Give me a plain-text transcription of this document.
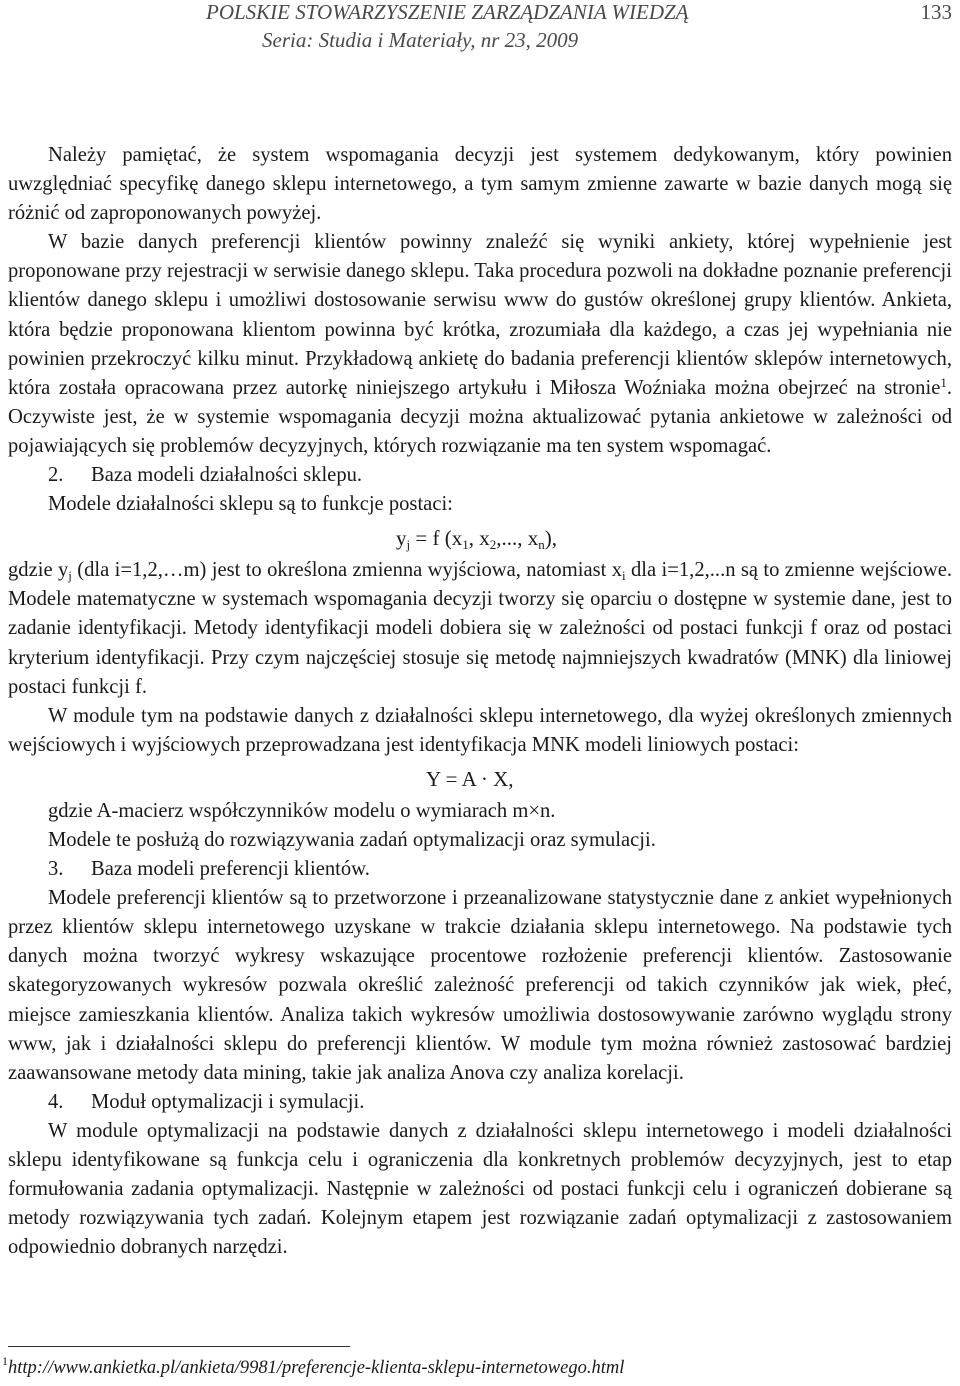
POLSKIE STOWARZYSZENIE ZARZĄDZANIA WIEDZĄ
Seria: Studia i Materiały, nr 23, 2009
133

Należy pamiętać, że system wspomagania decyzji jest systemem dedykowanym, który powinien uwzględniać specyfikę danego sklepu internetowego, a tym samym zmienne zawarte w bazie danych mogą się różnić od zaproponowanych powyżej.

W bazie danych preferencji klientów powinny znaleźć się wyniki ankiety, której wypełnienie jest proponowane przy rejestracji w serwisie danego sklepu. Taka procedura pozwoli na dokładne poznanie preferencji klientów danego sklepu i umożliwi dostosowanie serwisu www do gustów określonej grupy klientów. Ankieta, która będzie proponowana klientom powinna być krótka, zrozumiała dla każdego, a czas jej wypełniania nie powinien przekroczyć kilku minut. Przykładową ankietę do badania preferencji klientów sklepów internetowych, która została opracowana przez autorkę niniejszego artykułu i Miłosza Woźniaka można obejrzeć na stronie$^1$. Oczywiste jest, że w systemie wspomagania decyzji można aktualizować pytania ankietowe w zależności od pojawiających się problemów decyzyjnych, których rozwiązanie ma ten system wspomagać.

2. Baza modeli działalności sklepu.

Modele działalności sklepu są to funkcje postaci:

$y_j = f$ ($x_1$, $x_2$,..., $x_n$),

gdzie $y_j$ (dla i=1,2,…m) jest to określona zmienna wyjściowa, natomiast $x_i$ dla i=1,2,...n są to zmienne wejściowe. Modele matematyczne w systemach wspomagania decyzji tworzy się oparciu o dostępne w systemie dane, jest to zadanie identyfikacji. Metody identyfikacji modeli dobiera się w zależności od postaci funkcji f oraz od postaci kryterium identyfikacji. Przy czym najczęściej stosuje się metodę najmniejszych kwadratów (MNK) dla liniowej postaci funkcji f.

W module tym na podstawie danych z działalności sklepu internetowego, dla wyżej określonych zmiennych wejściowych i wyjściowych przeprowadzana jest identyfikacja MNK modeli liniowych postaci:

Y = A · X,

gdzie A-macierz współczynników modelu o wymiarach m×n.

Modele te posłużą do rozwiązywania zadań optymalizacji oraz symulacji.

3. Baza modeli preferencji klientów.

Modele preferencji klientów są to przetworzone i przeanalizowane statystycznie dane z ankiet wypełnionych przez klientów sklepu internetowego uzyskane w trakcie działania sklepu internetowego. Na podstawie tych danych można tworzyć wykresy wskazujące procentowe rozłożenie preferencji klientów. Zastosowanie skategoryzowanych wykresów pozwala określić zależność preferencji od takich czynników jak wiek, płeć, miejsce zamieszkania klientów. Analiza takich wykresów umożliwia dostosowywanie zarówno wyglądu strony www, jak i działalności sklepu do preferencji klientów. W module tym można również zastosować bardziej zaawansowane metody data mining, takie jak analiza Anova czy analiza korelacji.

4. Moduł optymalizacji i symulacji.

W module optymalizacji na podstawie danych z działalności sklepu internetowego i modeli działalności sklepu identyfikowane są funkcja celu i ograniczenia dla konkretnych problemów decyzyjnych, jest to etap formułowania zadania optymalizacji. Następnie w zależności od postaci funkcji celu i ograniczeń dobierane są metody rozwiązywania tych zadań. Kolejnym etapem jest rozwiązanie zadań optymalizacji z zastosowaniem odpowiednio dobranych narzędzi.

$^1$http://www.ankietka.pl/ankieta/9981/preferencje-klienta-sklepu-internetowego.html
